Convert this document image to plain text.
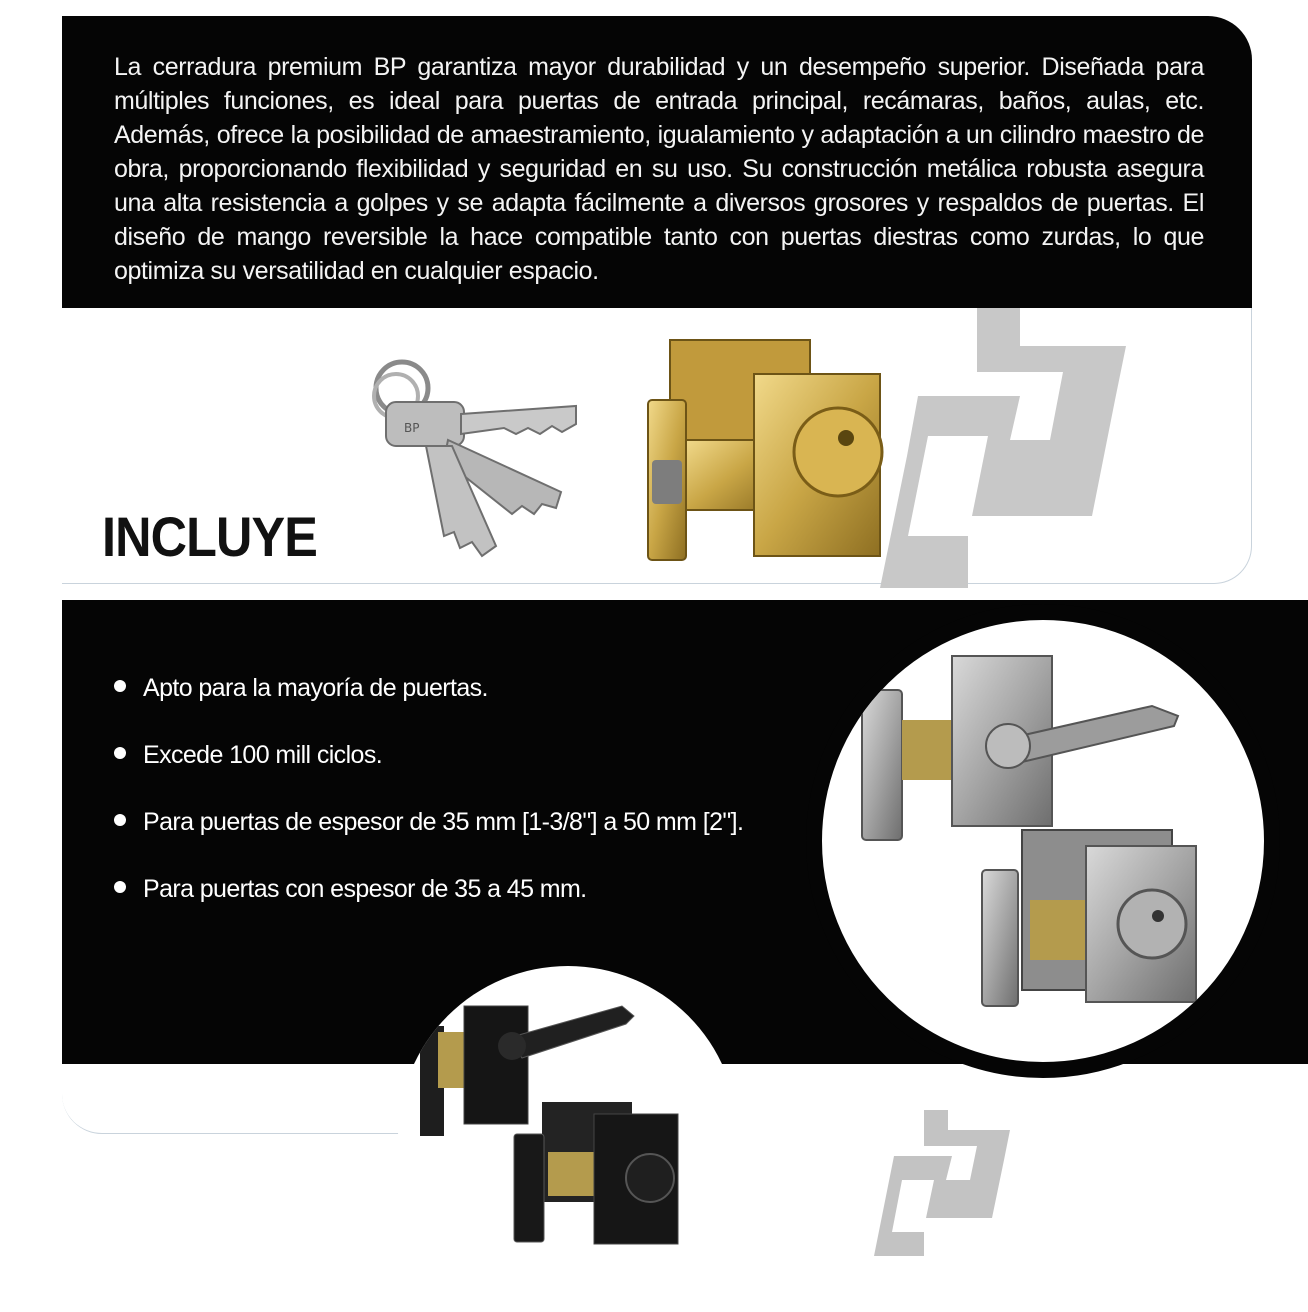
La cerradura premium BP garantiza mayor durabilidad y un desempeño superior. Diseñada para múltiples funciones, es ideal para puertas de entrada principal, recámaras, baños, aulas, etc. Además, ofrece la posibilidad de amaestramiento, igualamiento y adaptación a un cilindro maestro de obra, proporcionando flexibilidad y seguridad en su uso. Su construcción metálica robusta asegura una alta resistencia a golpes y se adapta fácilmente a diversos grosores y respaldos de puertas. El diseño de mango reversible la hace compatible tanto con puertas diestras como zurdas, lo que optimiza su versatilidad en cualquier espacio.

BP
INCLUYE
Apto para la mayoría de puertas.
Excede 100 mill ciclos.
Para puertas de espesor de 35 mm [1-3/8"] a 50 mm [2"].
Para puertas con espesor de 35 a 45 mm.
